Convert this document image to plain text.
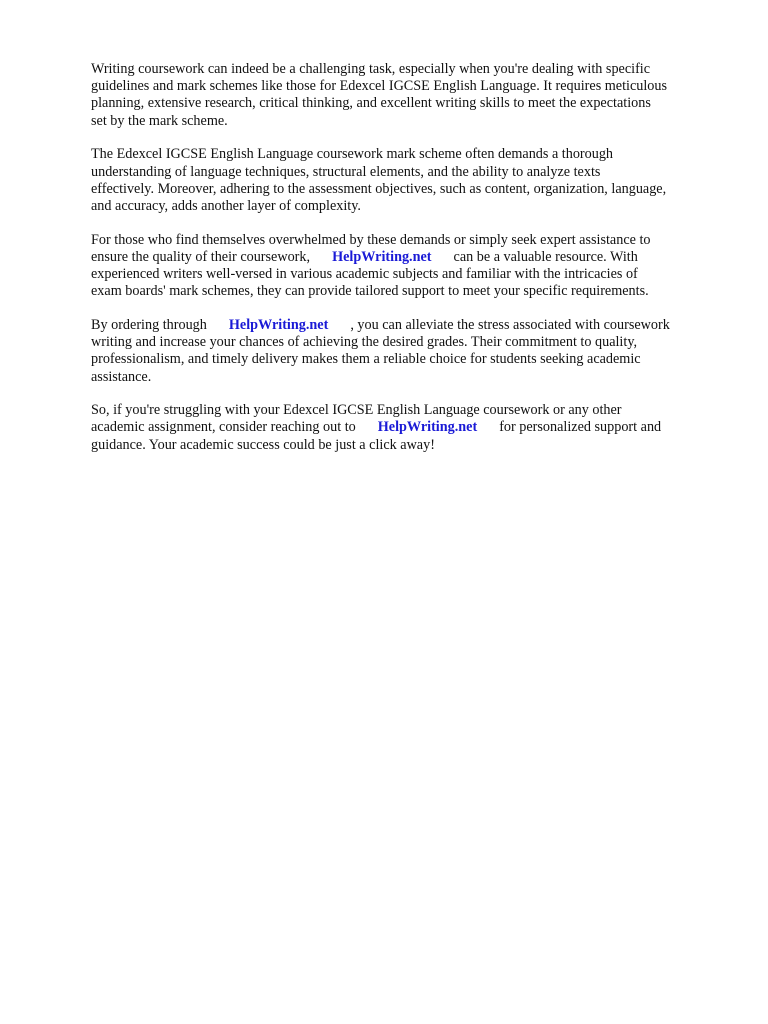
Writing coursework can indeed be a challenging task, especially when you're dealing with specific
guidelines and mark schemes like those for Edexcel IGCSE English Language. It requires meticulous
planning, extensive research, critical thinking, and excellent writing skills to meet the expectations
set by the mark scheme.

The Edexcel IGCSE English Language coursework mark scheme often demands a thorough
understanding of language techniques, structural elements, and the ability to analyze texts
effectively. Moreover, adhering to the assessment objectives, such as content, organization, language,
and accuracy, adds another layer of complexity.

For those who find themselves overwhelmed by these demands or simply seek expert assistance to
ensure the quality of their coursework, HelpWriting.net can be a valuable resource. With
experienced writers well-versed in various academic subjects and familiar with the intricacies of
exam boards' mark schemes, they can provide tailored support to meet your specific requirements.

By ordering through HelpWriting.net , you can alleviate the stress associated with coursework
writing and increase your chances of achieving the desired grades. Their commitment to quality,
professionalism, and timely delivery makes them a reliable choice for students seeking academic
assistance.

So, if you're struggling with your Edexcel IGCSE English Language coursework or any other
academic assignment, consider reaching out to HelpWriting.net for personalized support and
guidance. Your academic success could be just a click away!
